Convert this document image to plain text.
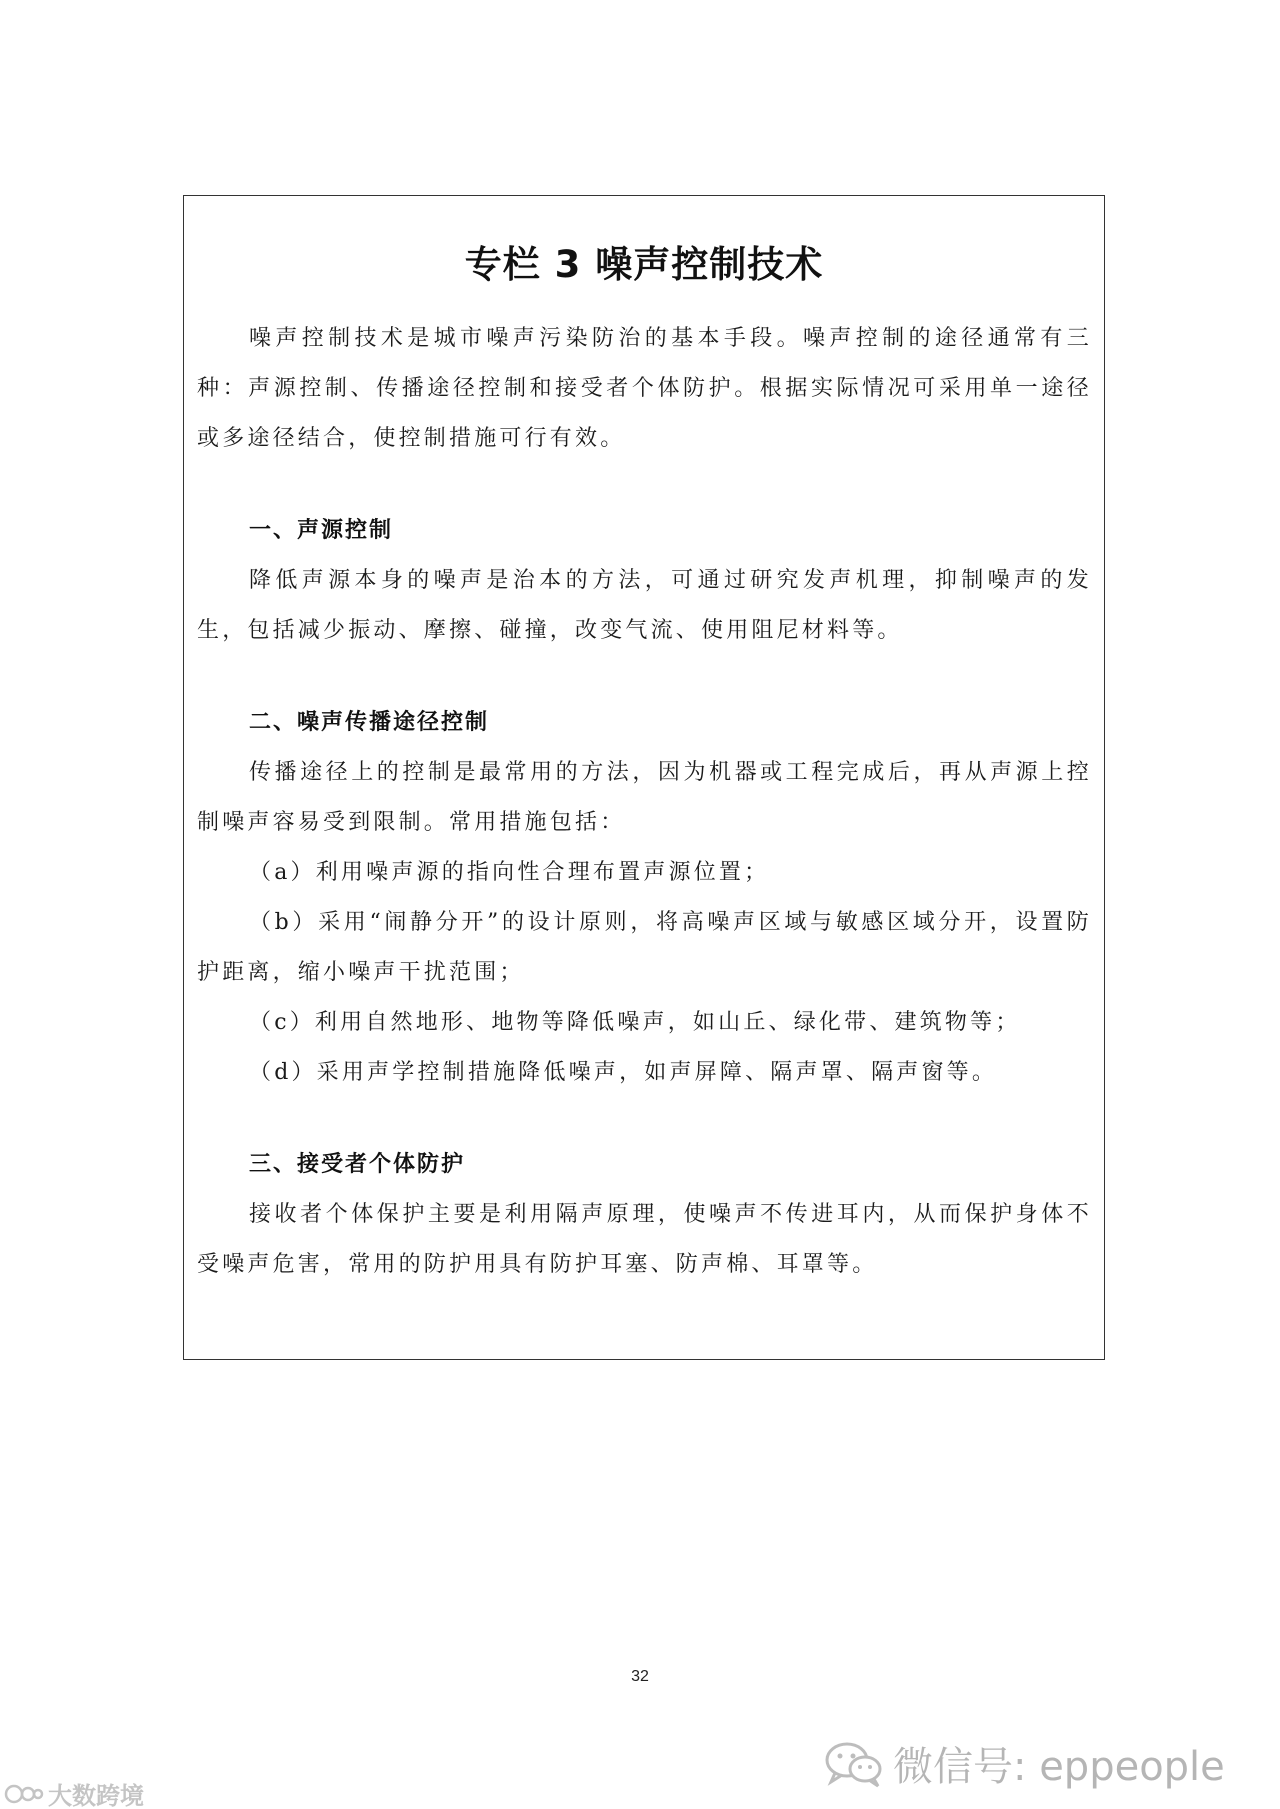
专栏 3 噪声控制技术

噪声控制技术是城市噪声污染防治的基本手段。噪声控制的途径通常有三种：声源控制、传播途径控制和接受者个体防护。根据实际情况可采用单一途径或多途径结合，使控制措施可行有效。

一、声源控制

降低声源本身的噪声是治本的方法，可通过研究发声机理，抑制噪声的发生，包括减少振动、摩擦、碰撞，改变气流、使用阻尼材料等。

二、噪声传播途径控制

传播途径上的控制是最常用的方法，因为机器或工程完成后，再从声源上控制噪声容易受到限制。常用措施包括：

（a）利用噪声源的指向性合理布置声源位置；

（b）采用“闹静分开”的设计原则，将高噪声区域与敏感区域分开，设置防护距离，缩小噪声干扰范围；

（c）利用自然地形、地物等降低噪声，如山丘、绿化带、建筑物等；

（d）采用声学控制措施降低噪声，如声屏障、隔声罩、隔声窗等。

三、接受者个体防护

接收者个体保护主要是利用隔声原理，使噪声不传进耳内，从而保护身体不受噪声危害，常用的防护用具有防护耳塞、防声棉、耳罩等。

32
微信号: eppeople
大数跨境
